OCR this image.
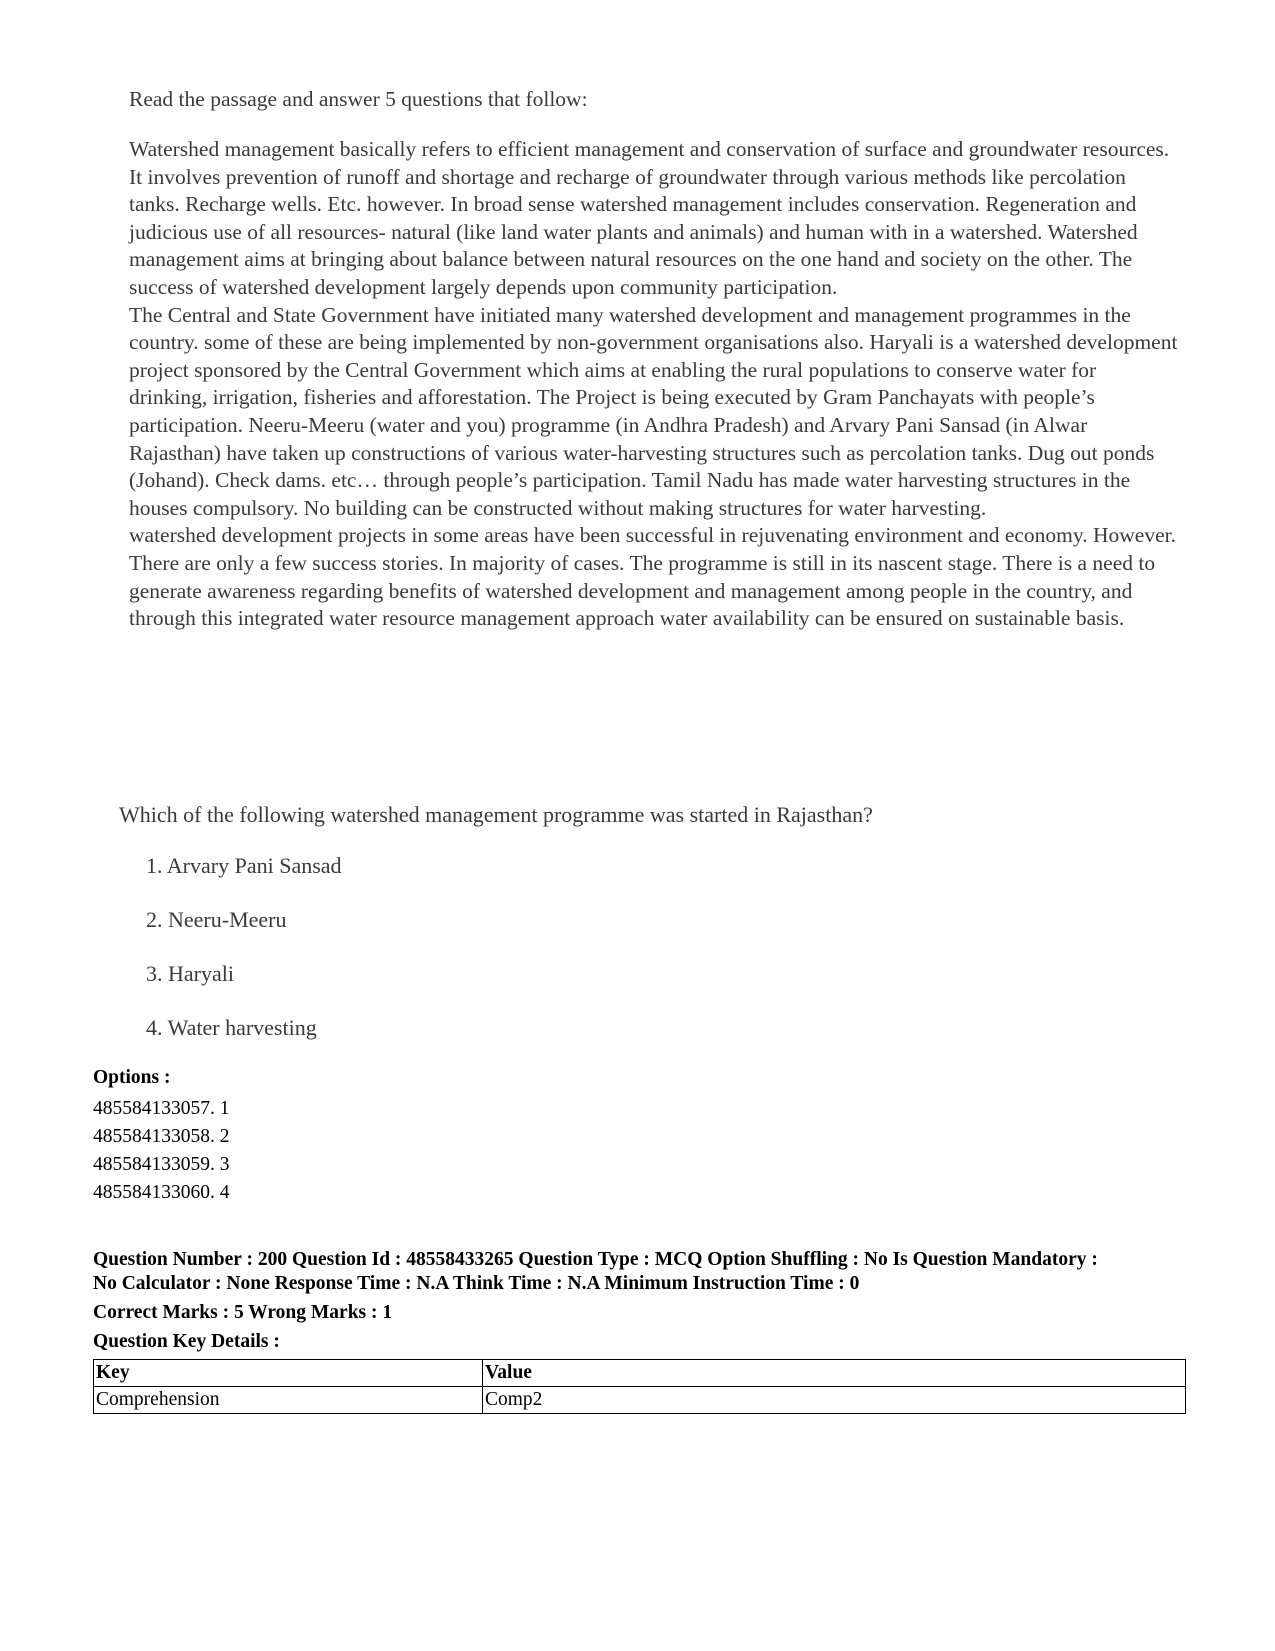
Read the passage and answer 5 questions that follow:

Watershed management basically refers to efficient management and conservation of surface and groundwater resources. It involves prevention of runoff and shortage and recharge of groundwater through various methods like percolation tanks. Recharge wells. Etc. however. In broad sense watershed management includes conservation. Regeneration and judicious use of all resources- natural (like land water plants and animals) and human with in a watershed. Watershed management aims at bringing about balance between natural resources on the one hand and society on the other. The success of watershed development largely depends upon community participation.

The Central and State Government have initiated many watershed development and management programmes in the country. some of these are being implemented by non-government organisations also. Haryali is a watershed development project sponsored by the Central Government which aims at enabling the rural populations to conserve water for drinking, irrigation, fisheries and afforestation. The Project is being executed by Gram Panchayats with people’s participation. Neeru-Meeru (water and you) programme (in Andhra Pradesh) and Arvary Pani Sansad (in Alwar Rajasthan) have taken up constructions of various water-harvesting structures such as percolation tanks. Dug out ponds (Johand). Check dams. etc… through people’s participation. Tamil Nadu has made water harvesting structures in the houses compulsory. No building can be constructed without making structures for water harvesting.

watershed development projects in some areas have been successful in rejuvenating environment and economy. However. There are only a few success stories. In majority of cases. The programme is still in its nascent stage. There is a need to generate awareness regarding benefits of watershed development and management among people in the country, and through this integrated water resource management approach water availability can be ensured on sustainable basis.

Which of the following watershed management programme was started in Rajasthan?

1. Arvary Pani Sansad
2. Neeru-Meeru
3. Haryali
4. Water harvesting
Options :
485584133057. 1
485584133058. 2
485584133059. 3
485584133060. 4
Question Number : 200 Question Id : 48558433265 Question Type : MCQ Option Shuffling : No Is Question Mandatory :
No Calculator : None Response Time : N.A Think Time : N.A Minimum Instruction Time : 0
Correct Marks : 5 Wrong Marks : 1
Question Key Details :
Key	Value
Comprehension	Comp2
